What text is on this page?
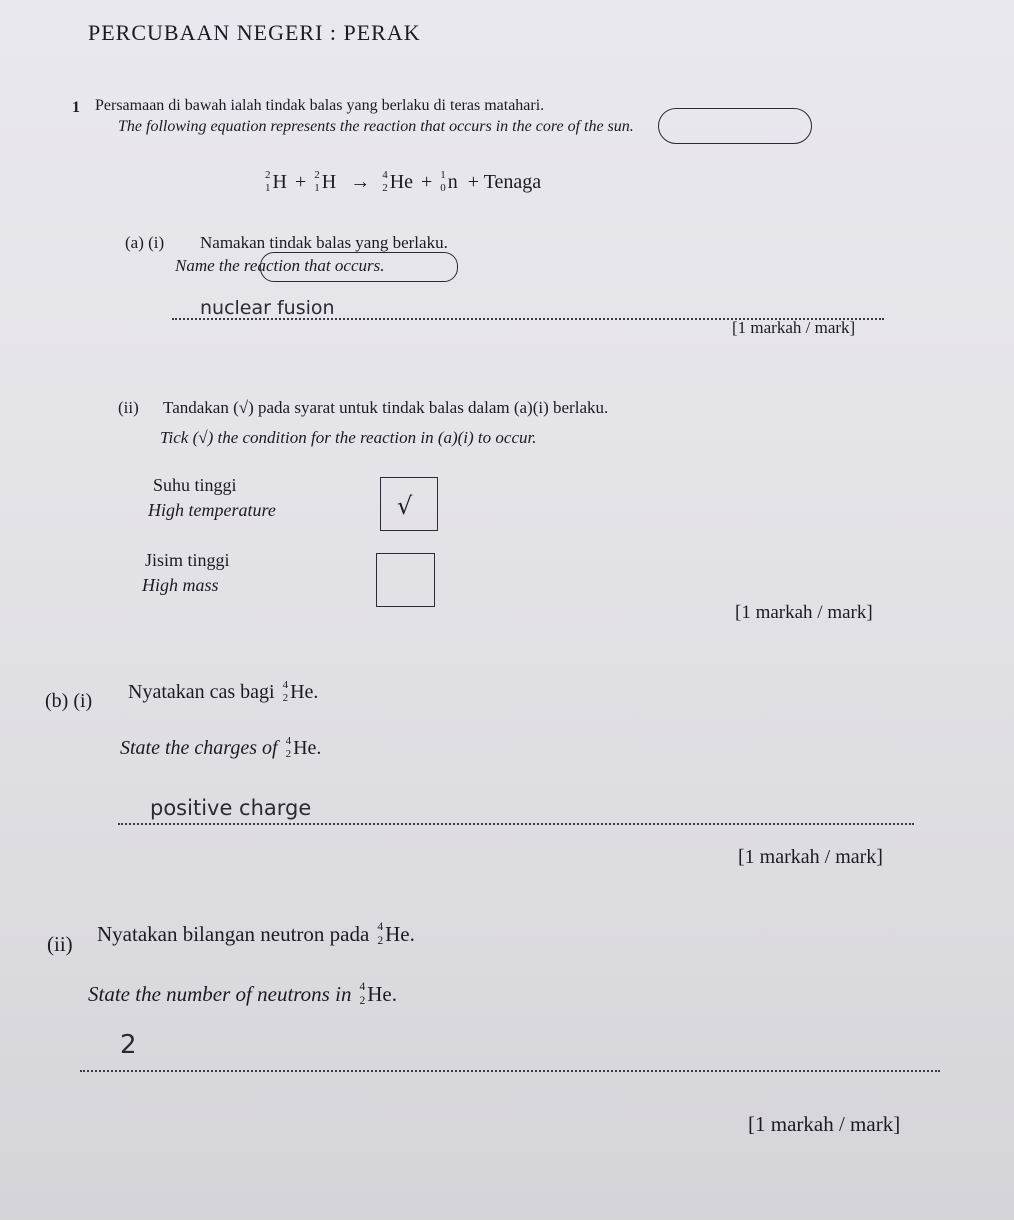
PERCUBAAN NEGERI : PERAK
1 Persamaan di bawah ialah tindak balas yang berlaku di teras matahari.
The following equation represents the reaction that occurs in the core of the sun.
2
1 H + 2
1 H → 4
2 He + 1
0 n + Tenaga
(a) (i) Namakan tindak balas yang berlaku.
Name the reaction that occurs.
nuclear fusion
[1 markah / mark]
(ii) Tandakan (√) pada syarat untuk tindak balas dalam (a)(i) berlaku.
Tick (√) the condition for the reaction in (a)(i) to occur.
Suhu tinggi
High temperature	√
Jisim tinggi
High mass
[1 markah / mark]
(b) (i) Nyatakan cas bagi 4
2 He.
State the charges of 4
2 He.
positive charge
[1 markah / mark]
(ii) Nyatakan bilangan neutron pada 4
2 He.
State the number of neutrons in 4
2 He.
2
[1 markah / mark]
